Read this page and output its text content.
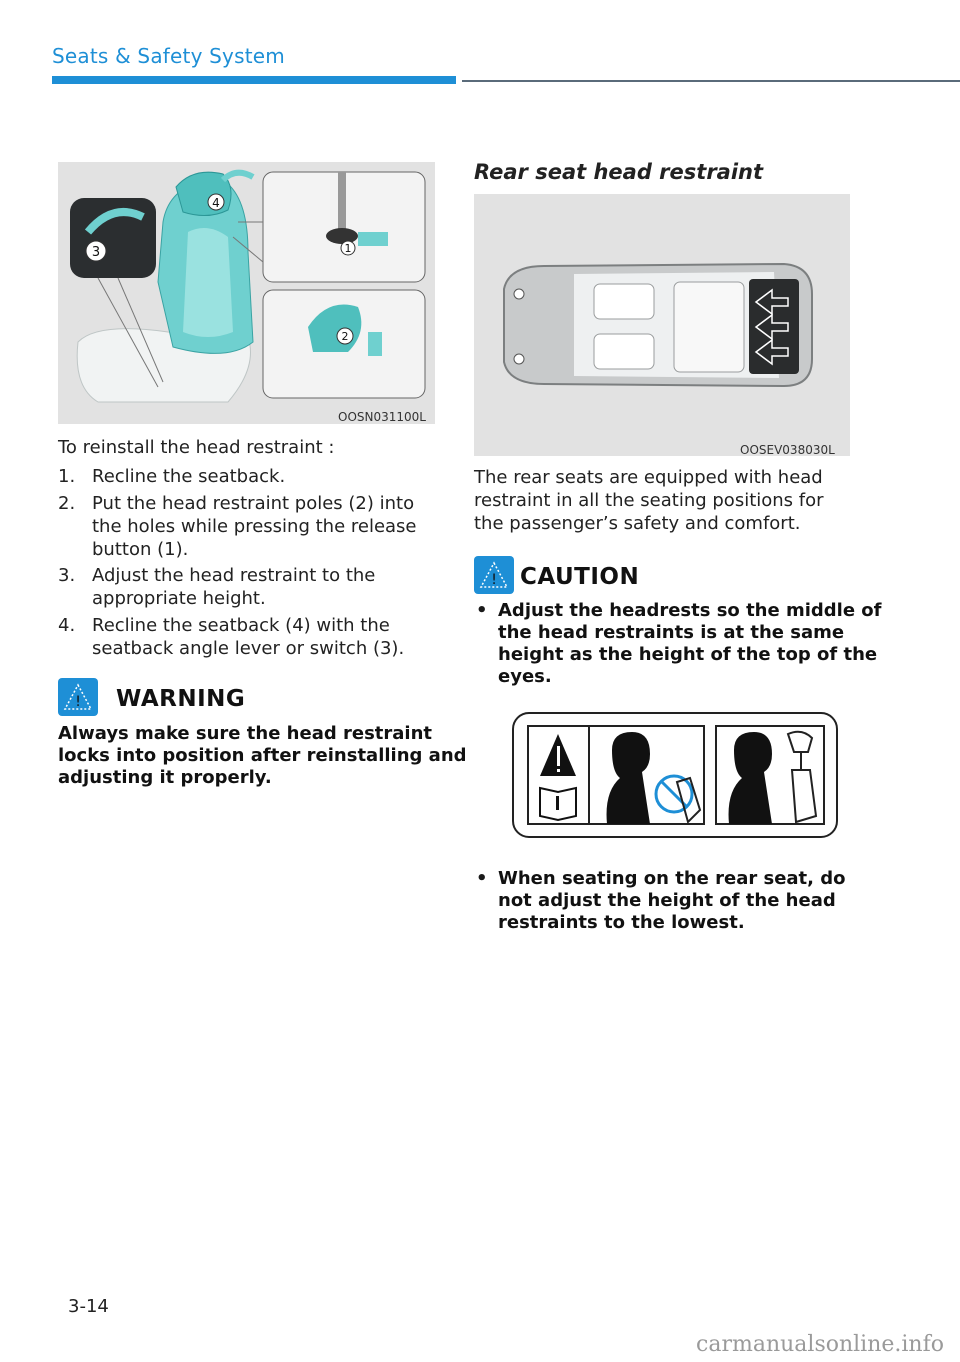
Seats & Safety System
3
4
1
2
OOSN031100L
To reinstall the head restraint :
1. Recline the seatback.
2. Put the head restraint poles (2) into
the holes while pressing the release
button (1).
3. Adjust the head restraint to the
appropriate height.
4. Recline the seatback (4) with the
seatback angle lever or switch (3).
! WARNING
Always make sure the head restraint
locks into position after reinstalling and
adjusting it properly.
Rear seat head restraint
OOSEV038030L
The rear seats are equipped with head
restraint in all the seating positions for
the passenger’s safety and comfort.
! CAUTION
• Adjust the headrests so the middle of
the head restraints is at the same
height as the height of the top of the
eyes.
• When seating on the rear seat, do
not adjust the height of the head
restraints to the lowest.
3-14
carmanualsonline.info
